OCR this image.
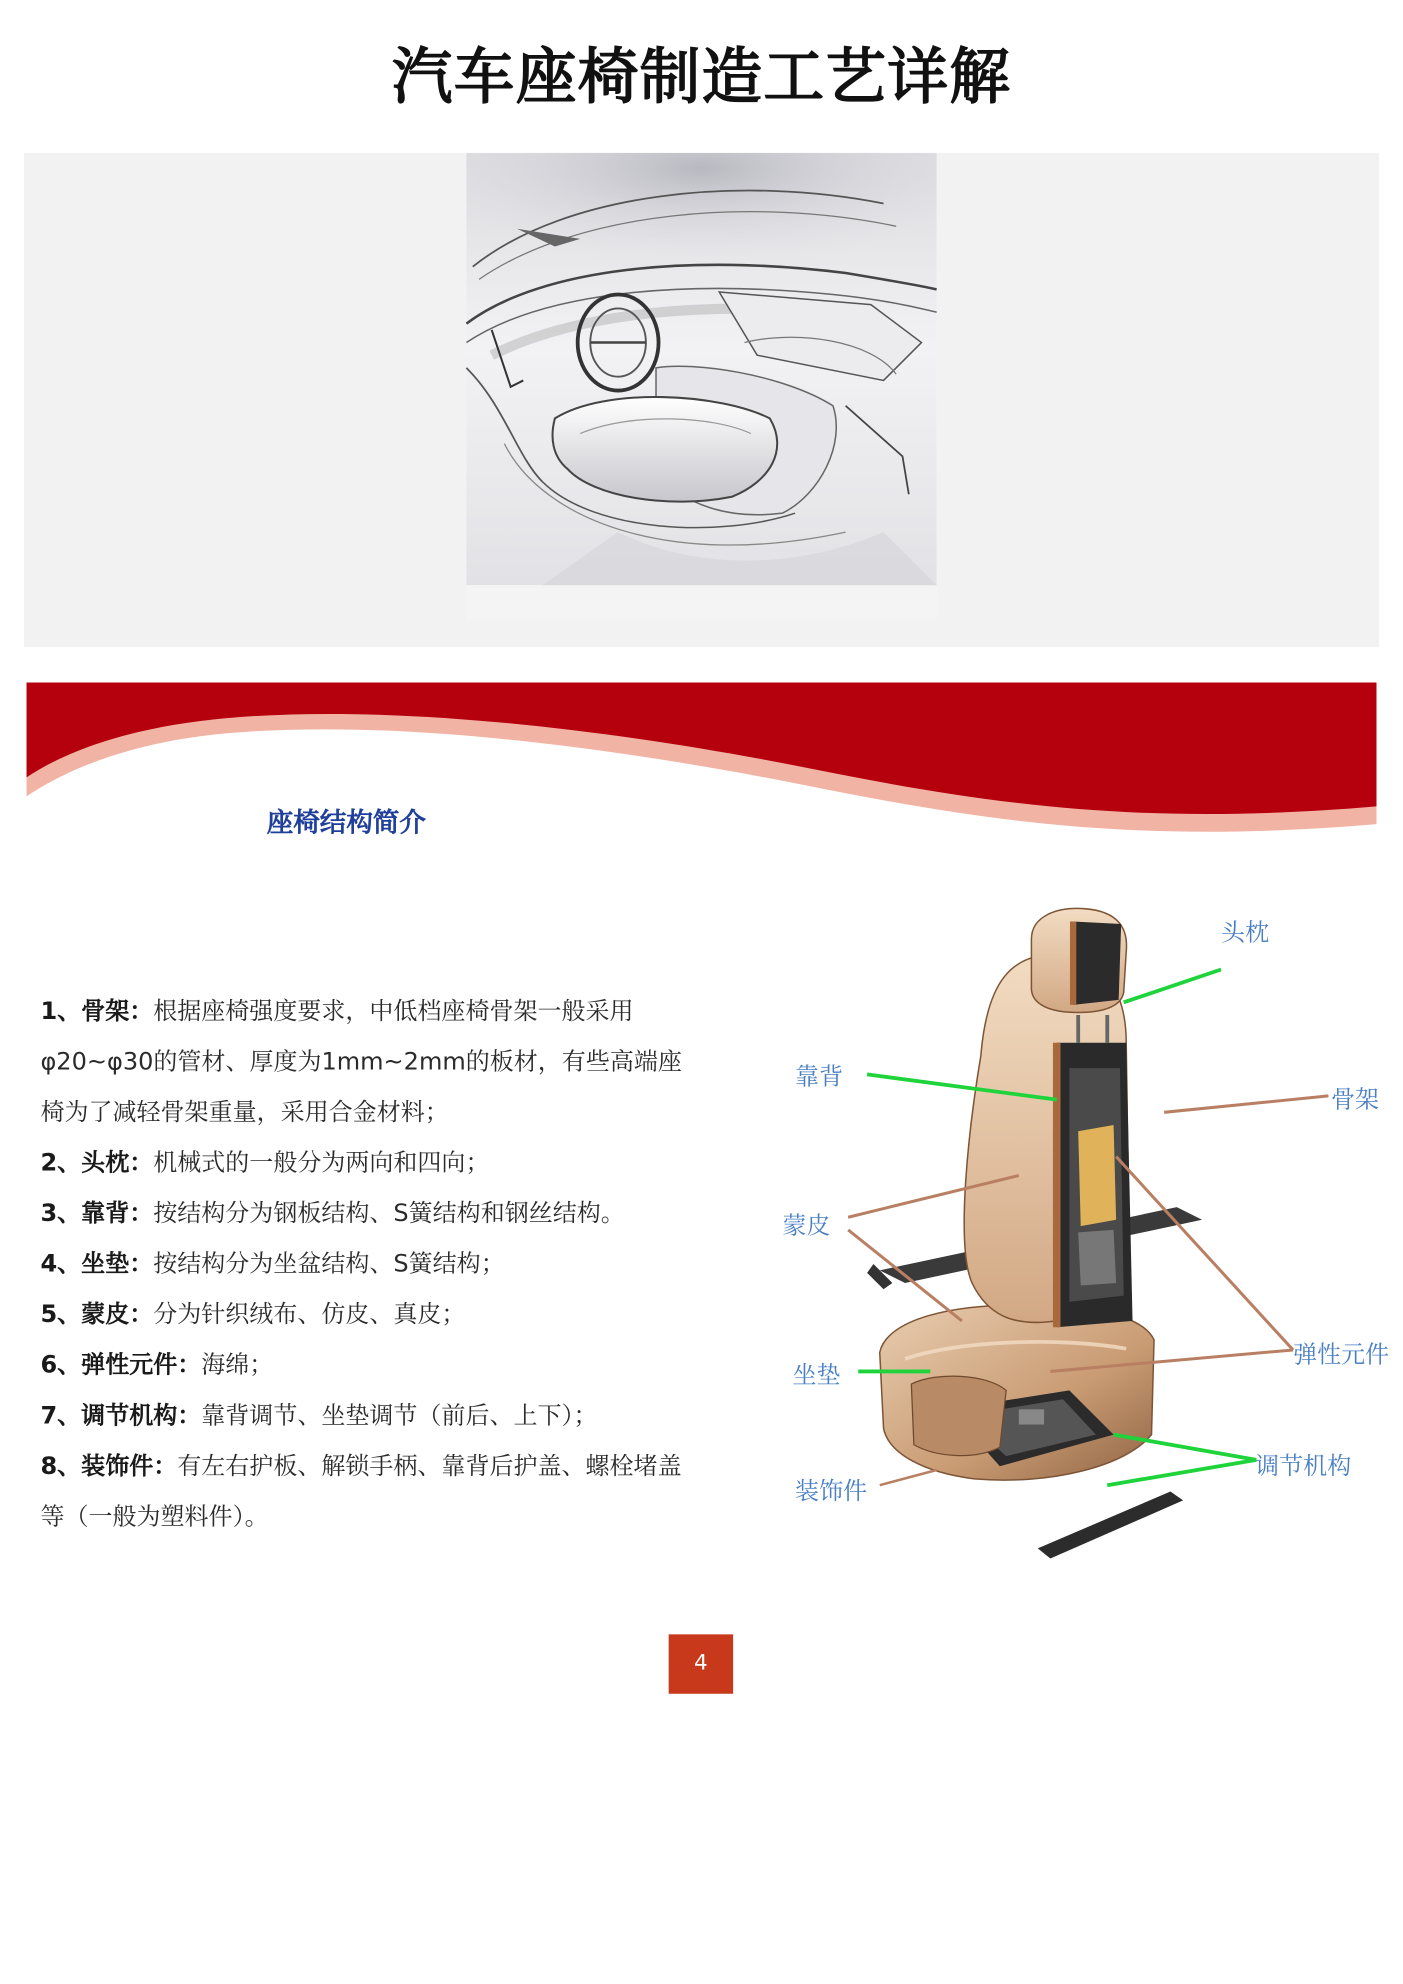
汽车座椅制造工艺详解
座椅结构简介
1、骨架：根据座椅强度要求，中低档座椅骨架一般采用φ20~φ30的管材、厚度为1mm~2mm的板材，有些高端座椅为了减轻骨架重量，采用合金材料；
2、头枕：机械式的一般分为两向和四向；
3、靠背：按结构分为钢板结构、S簧结构和钢丝结构。
4、坐垫：按结构分为坐盆结构、S簧结构；
5、蒙皮：分为针织绒布、仿皮、真皮；
6、弹性元件：海绵；
7、调节机构：靠背调节、坐垫调节（前后、上下）；
8、装饰件：有左右护板、解锁手柄、靠背后护盖、螺栓堵盖等（一般为塑料件）。
头枕
靠背
骨架
蒙皮
弹性元件
坐垫
调节机构
装饰件
4
